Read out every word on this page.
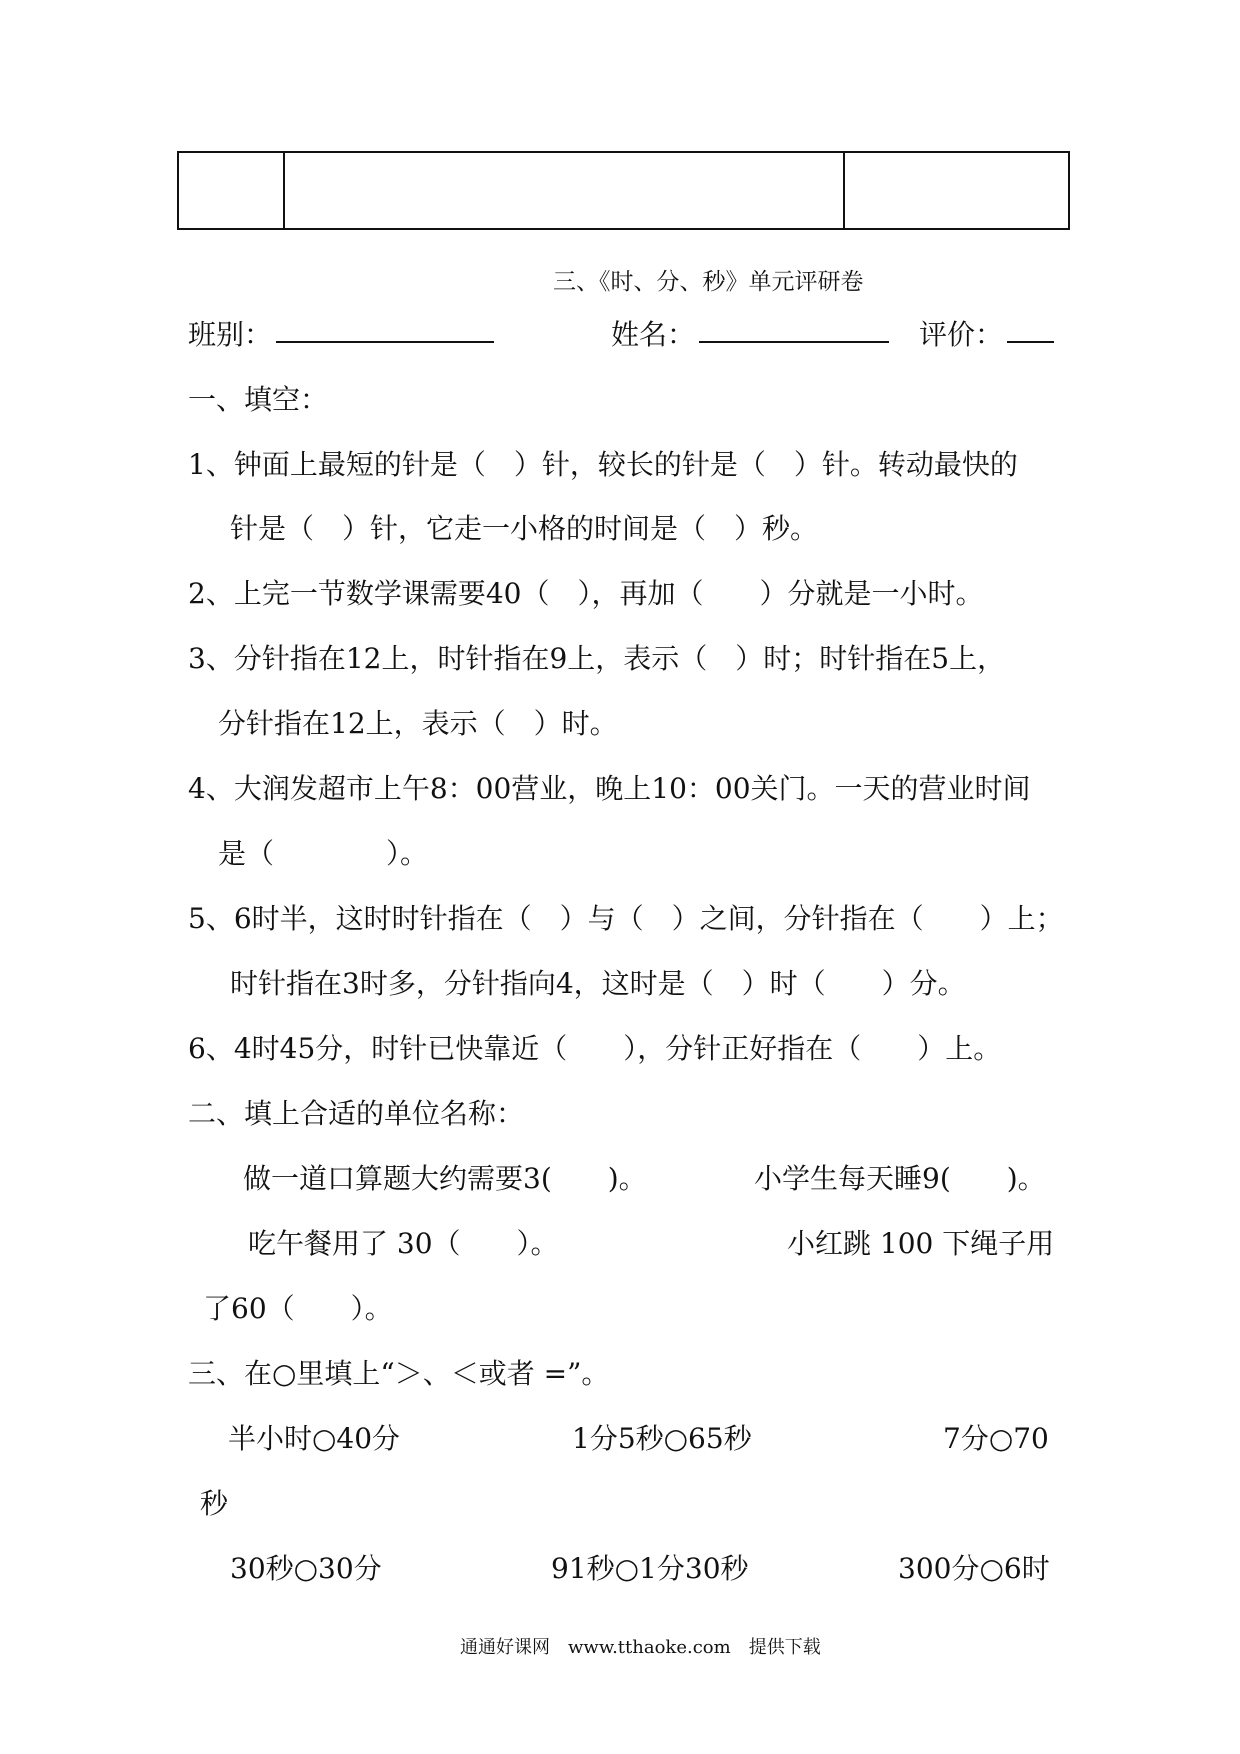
三、《时、分、秒》单元评研卷
班别：	姓名：	评价：
一、填空：
1、钟面上最短的针是（　）针，较长的针是（　）针。转动最快的
针是（　）针，它走一小格的时间是（　）秒。
2、上完一节数学课需要40（　），再加（　　）分就是一小时。
3、分针指在12上，时针指在9上，表示（　）时；时针指在5上，
分针指在12上，表示（　）时。
4、大润发超市上午8：00营业，晚上10：00关门。一天的营业时间
是（　　　　）。
5、6时半，这时时针指在（　）与（　）之间，分针指在（　　）上；
时针指在3时多，分针指向4，这时是（　）时（　　）分。
6、4时45分，时针已快靠近（　　），分针正好指在（　　）上。
二、填上合适的单位名称：
做一道口算题大约需要3(　　)。	小学生每天睡9(　　)。
吃午餐用了 30（　　）。	小红跳 100 下绳子用
了60（　　）。
三、在○里填上“＞、＜或者 =”。
半小时○40分	1分5秒○65秒	7分○70
秒
30秒○30分	91秒○1分30秒	300分○6时
通通好课网　www.tthaoke.com　提供下载
